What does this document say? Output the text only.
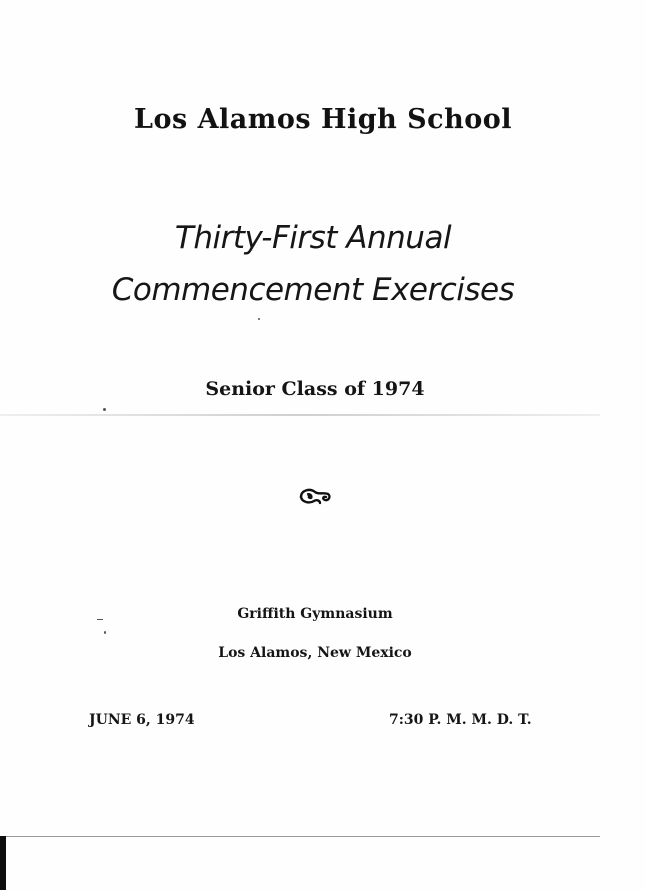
Los Alamos High School
Thirty-First Annual
Commencement Exercises
Senior Class of 1974
Griffith Gymnasium
Los Alamos, New Mexico
JUNE 6, 1974	7:30 P. M. M. D. T.
